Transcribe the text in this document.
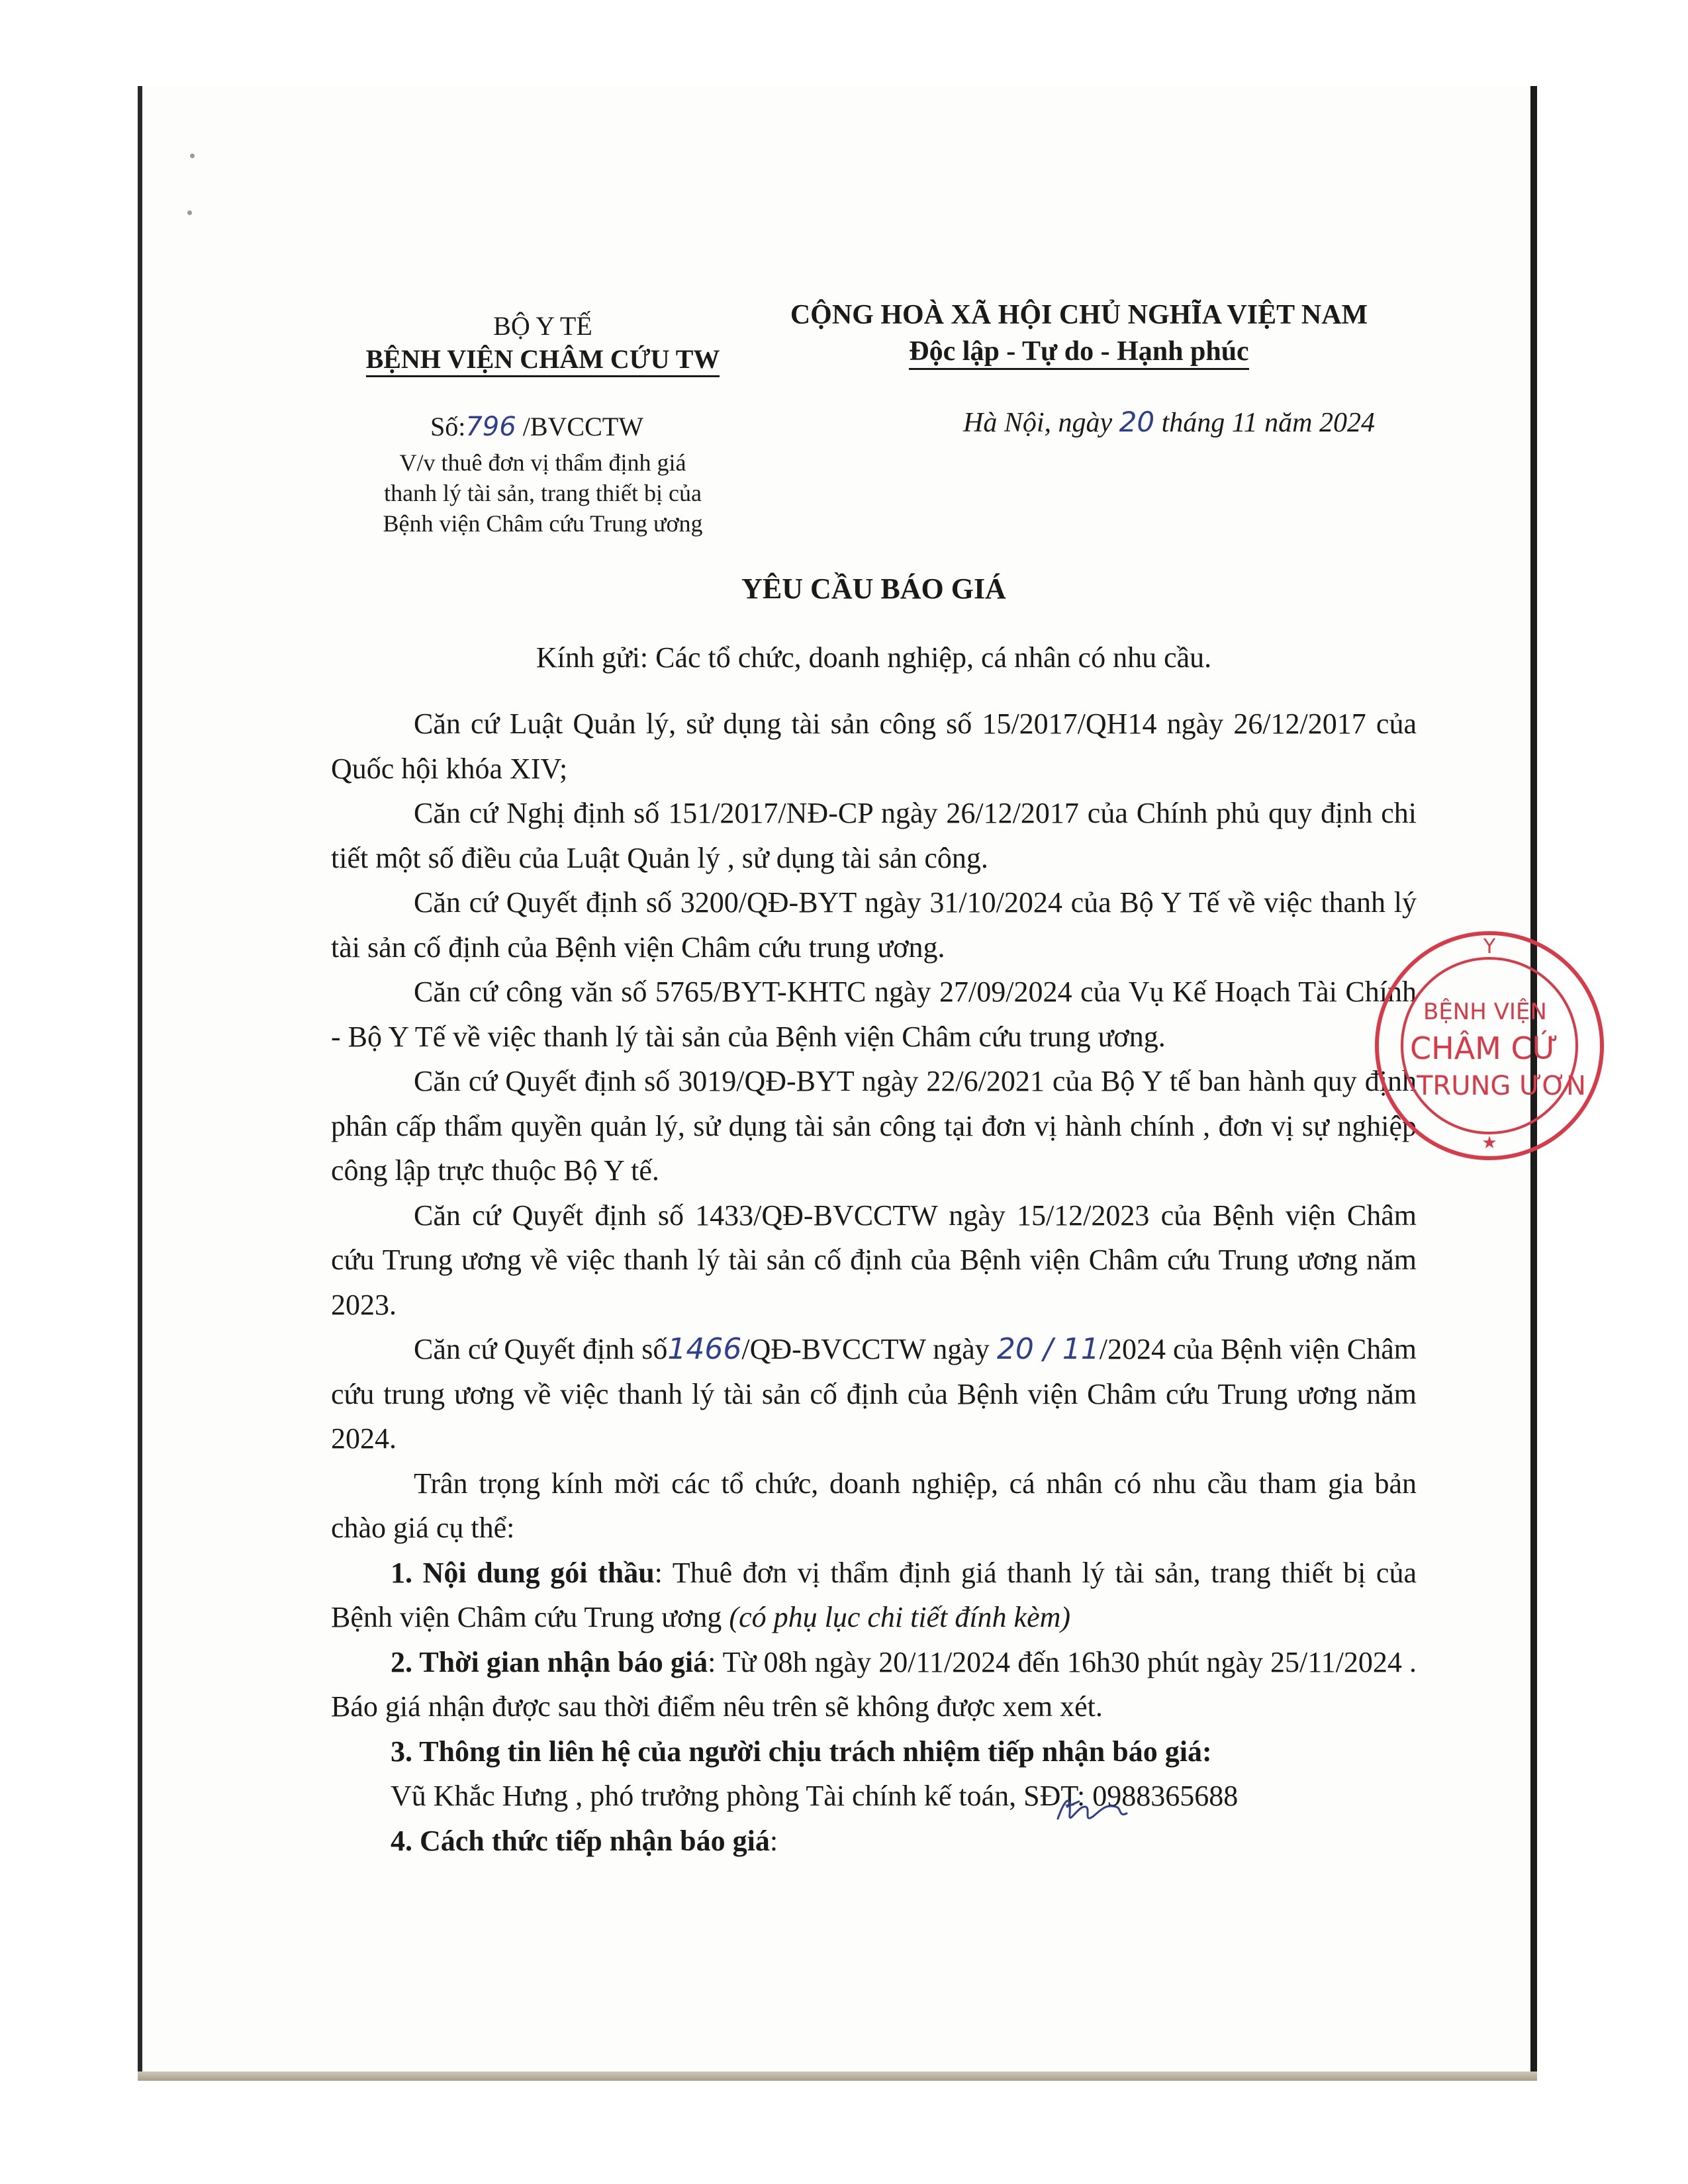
BỘ Y TẾ
BỆNH VIỆN CHÂM CỨU TW
Số:796 /BVCCTW
V/v thuê đơn vị thẩm định giá
thanh lý tài sản, trang thiết bị của
Bệnh viện Châm cứu Trung ương
CỘNG HOÀ XÃ HỘI CHỦ NGHĨA VIỆT NAM
Độc lập - Tự do - Hạnh phúc
Hà Nội, ngày 20 tháng 11 năm 2024
YÊU CẦU BÁO GIÁ
Kính gửi: Các tổ chức, doanh nghiệp, cá nhân có nhu cầu.

Căn cứ Luật Quản lý, sử dụng tài sản công số 15/2017/QH14 ngày 26/12/2017 của Quốc hội khóa XIV;

Căn cứ Nghị định số 151/2017/NĐ-CP ngày 26/12/2017 của Chính phủ quy định chi tiết một số điều của Luật Quản lý , sử dụng tài sản công.

Căn cứ Quyết định số 3200/QĐ-BYT ngày 31/10/2024 của Bộ Y Tế về việc thanh lý tài sản cố định của Bệnh viện Châm cứu trung ương.

Căn cứ công văn số 5765/BYT-KHTC ngày 27/09/2024 của Vụ Kế Hoạch Tài Chính - Bộ Y Tế về việc thanh lý tài sản của Bệnh viện Châm cứu trung ương.

Căn cứ Quyết định số 3019/QĐ-BYT ngày 22/6/2021 của Bộ Y tế ban hành quy định phân cấp thẩm quyền quản lý, sử dụng tài sản công tại đơn vị hành chính , đơn vị sự nghiệp công lập trực thuộc Bộ Y tế.

Căn cứ Quyết định số 1433/QĐ-BVCCTW ngày 15/12/2023 của Bệnh viện Châm cứu Trung ương về việc thanh lý tài sản cố định của Bệnh viện Châm cứu Trung ương năm 2023.

Căn cứ Quyết định số1466/QĐ-BVCCTW ngày 20 / 11/2024 của Bệnh viện Châm cứu trung ương về việc thanh lý tài sản cố định của Bệnh viện Châm cứu Trung ương năm 2024.

Trân trọng kính mời các tổ chức, doanh nghiệp, cá nhân có nhu cầu tham gia bản chào giá cụ thể:

1. Nội dung gói thầu: Thuê đơn vị thẩm định giá thanh lý tài sản, trang thiết bị của Bệnh viện Châm cứu Trung ương (có phụ lục chi tiết đính kèm)

2. Thời gian nhận báo giá: Từ 08h ngày 20/11/2024 đến 16h30 phút ngày 25/11/2024 . Báo giá nhận được sau thời điểm nêu trên sẽ không được xem xét.

3. Thông tin liên hệ của người chịu trách nhiệm tiếp nhận báo giá:

Vũ Khắc Hưng , phó trưởng phòng Tài chính kế toán, SĐT: 0988365688

4. Cách thức tiếp nhận báo giá:

Y
BỆNH VIỆN
CHÂM CỨ
TRUNG ƯƠN
★
